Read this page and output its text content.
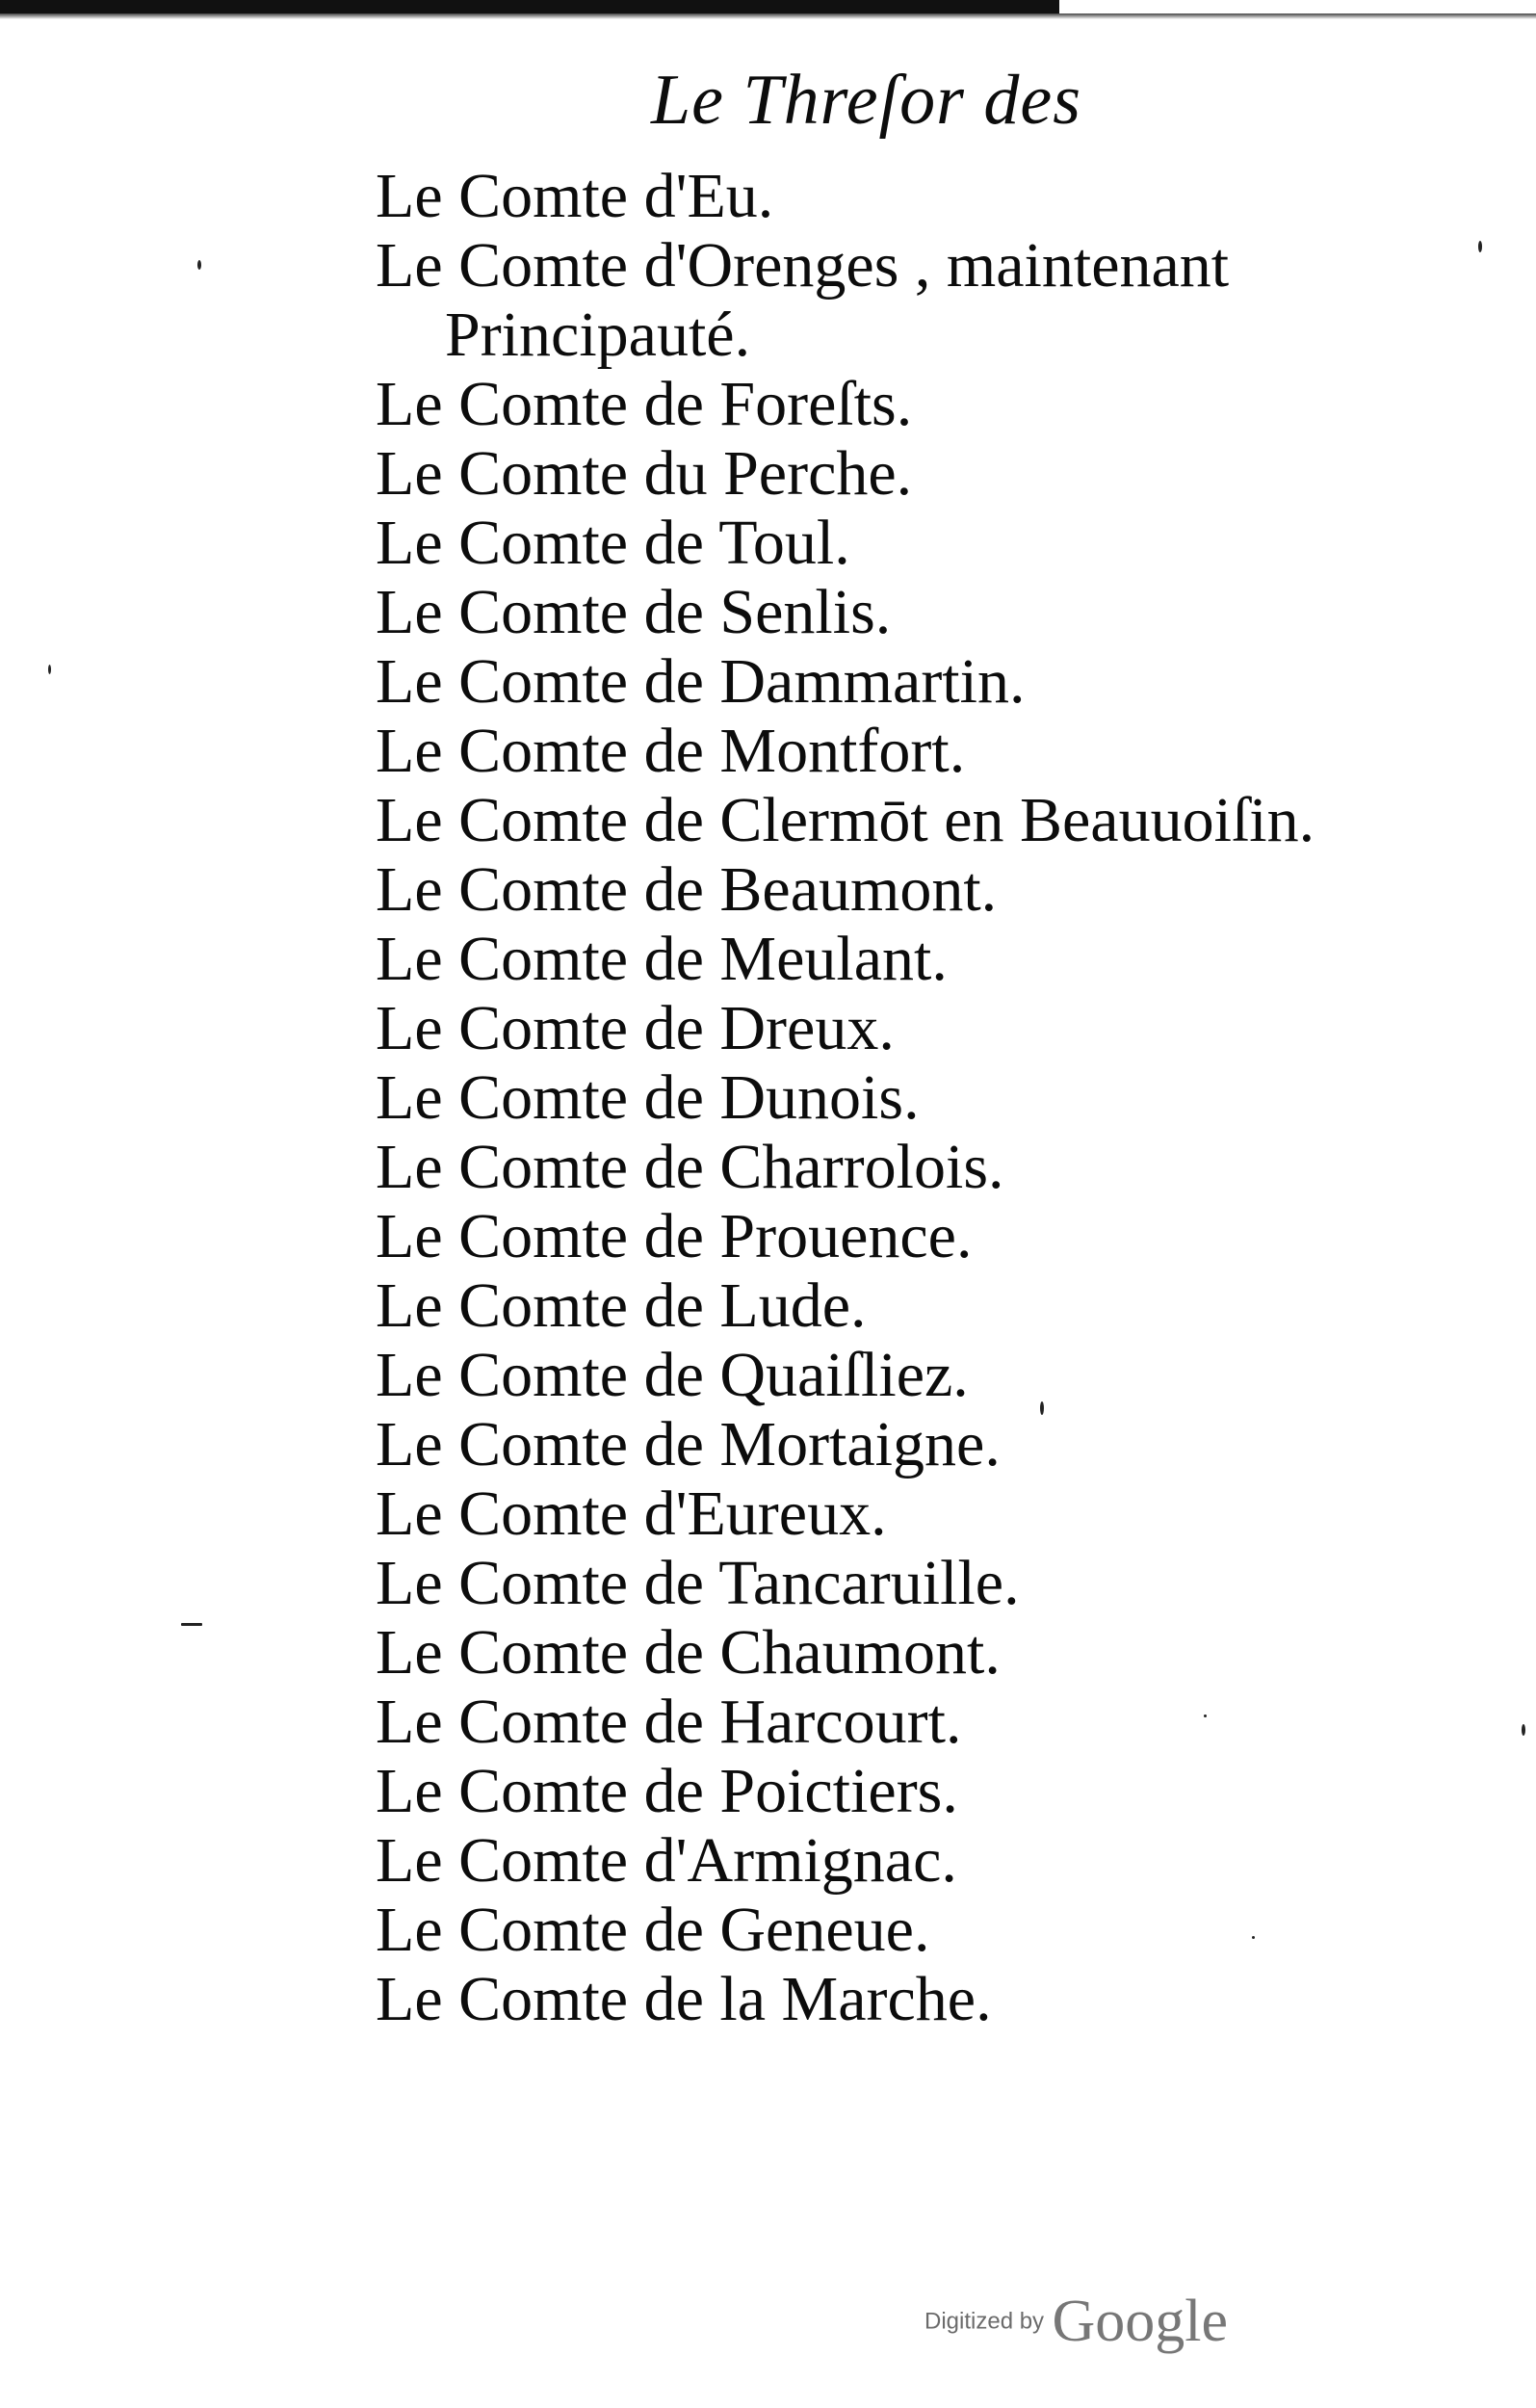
Le Threſor des
Le Comte d'Eu.
Le Comte d'Orenges , maintenant
Principauté.
Le Comte de Foreſts.
Le Comte du Perche.
Le Comte de Toul.
Le Comte de Senlis.
Le Comte de Dammartin.
Le Comte de Montfort.
Le Comte de Clermōt en Beauuoiſin.
Le Comte de Beaumont.
Le Comte de Meulant.
Le Comte de Dreux.
Le Comte de Dunois.
Le Comte de Charrolois.
Le Comte de Prouence.
Le Comte de Lude.
Le Comte de Quaiſliez.
Le Comte de Mortaigne.
Le Comte d'Eureux.
Le Comte de Tancaruille.
Le Comte de Chaumont.
Le Comte de Harcourt.
Le Comte de Poictiers.
Le Comte d'Armignac.
Le Comte de Geneue.
Le Comte de la Marche.
Digitized by Google
